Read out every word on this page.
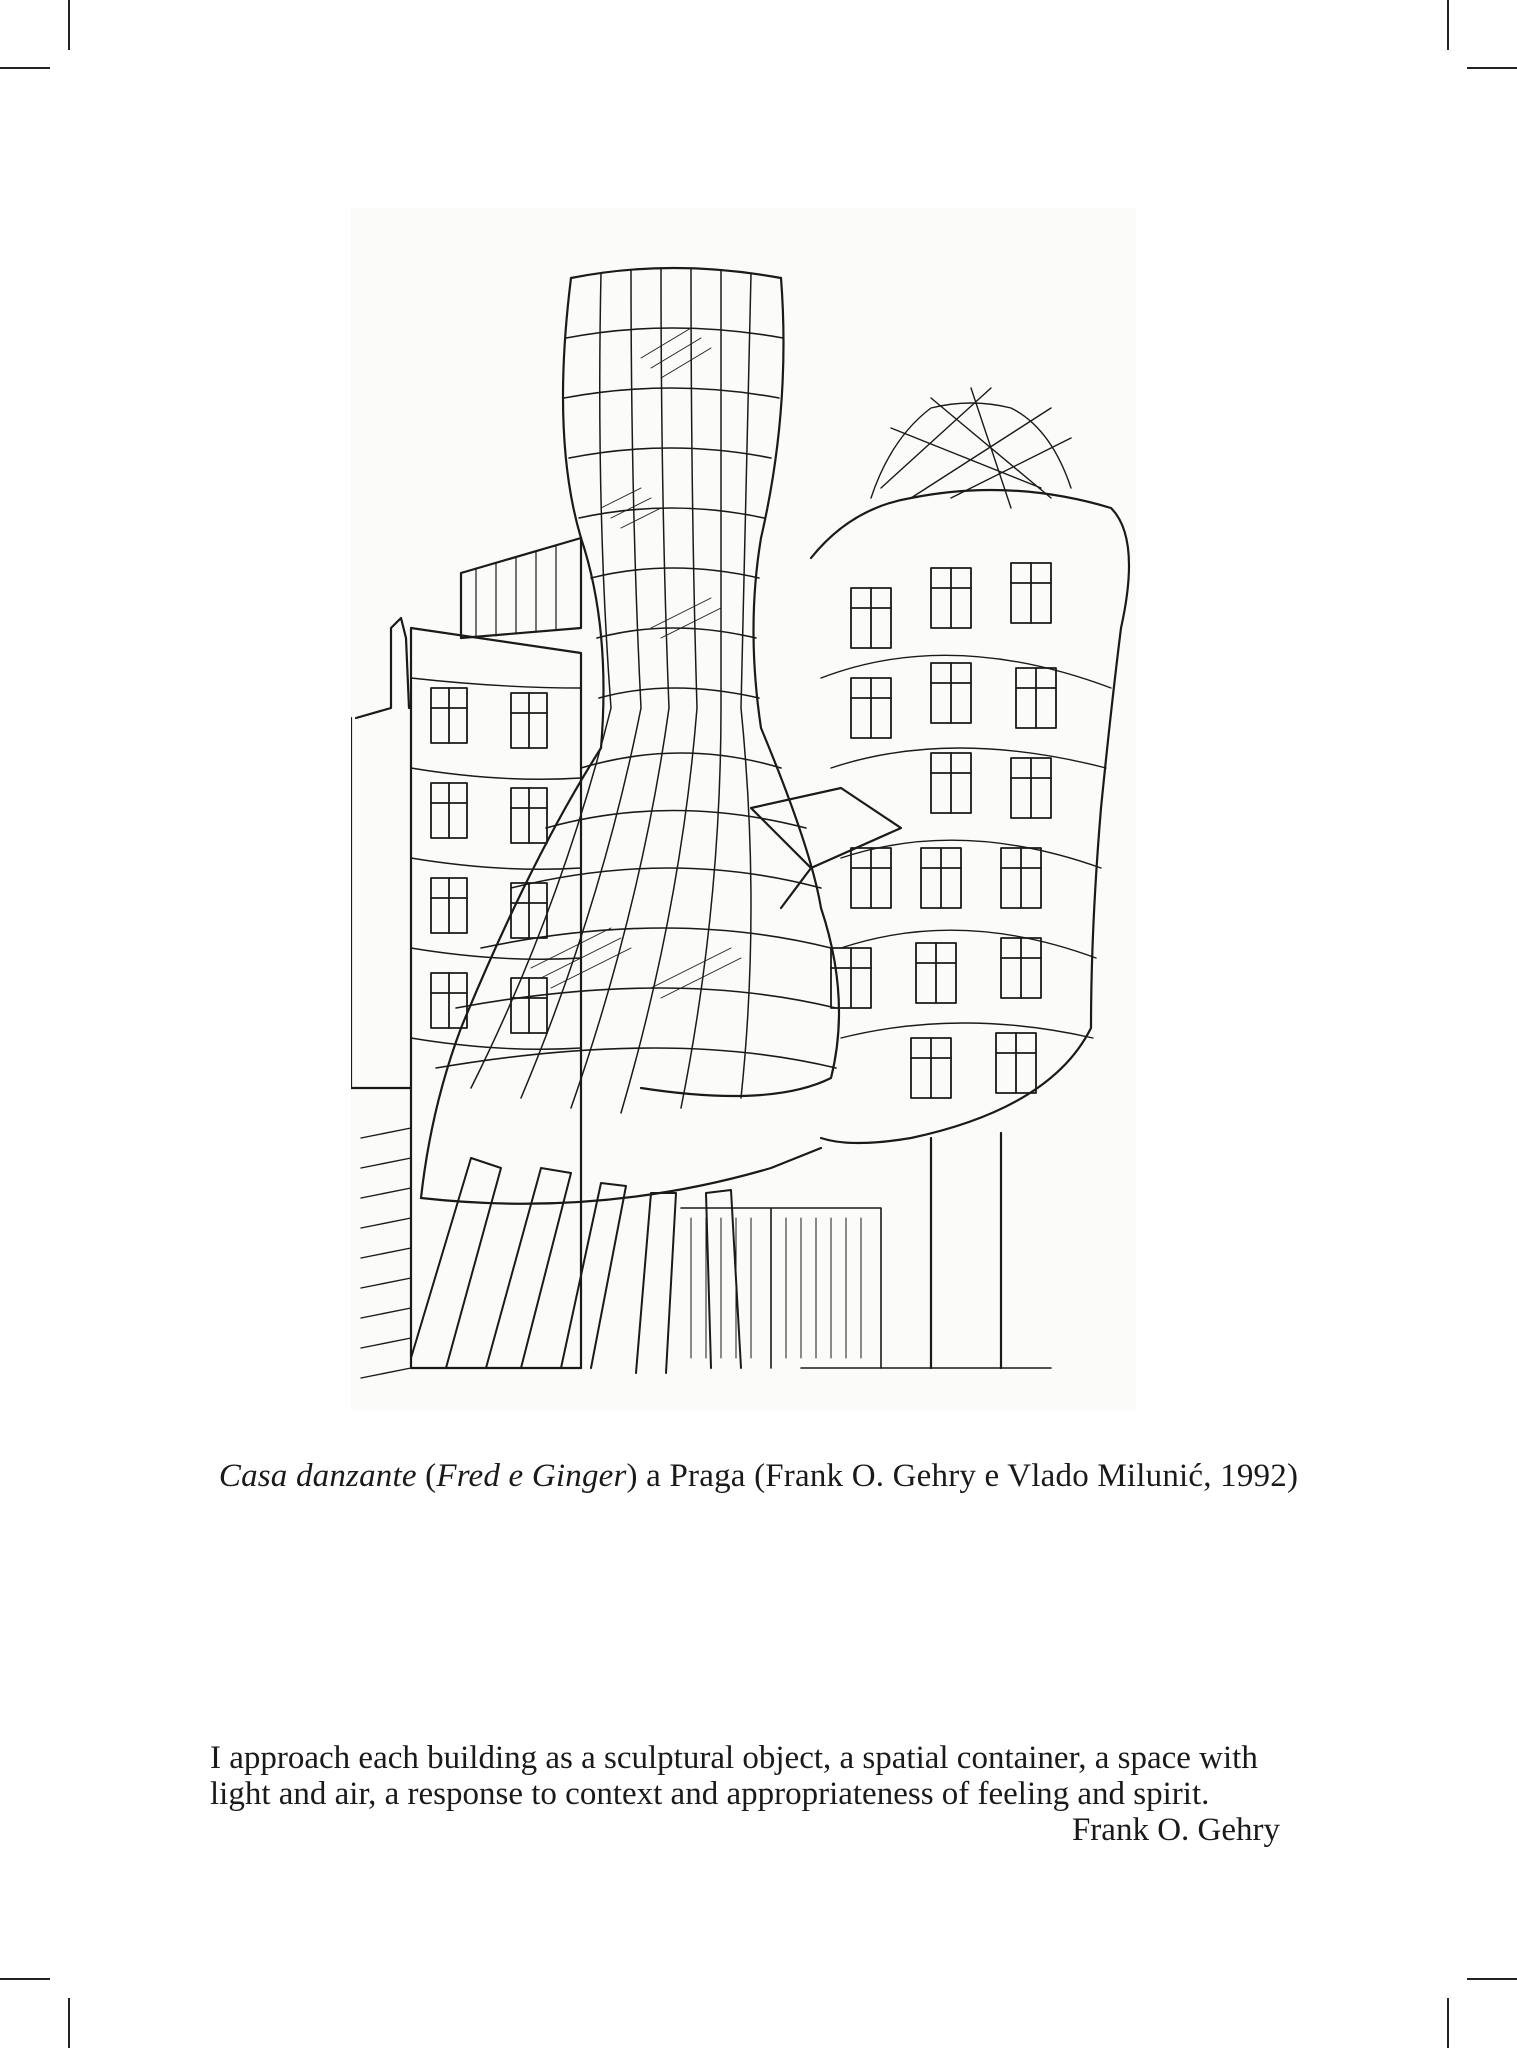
Casa danzante (Fred e Ginger) a Praga (Frank O. Gehry e Vlado Milunić, 1992)
I approach each building as a sculptural object, a spatial container, a space with
light and air, a response to context and appropriateness of feeling and spirit.
Frank O. Gehry
